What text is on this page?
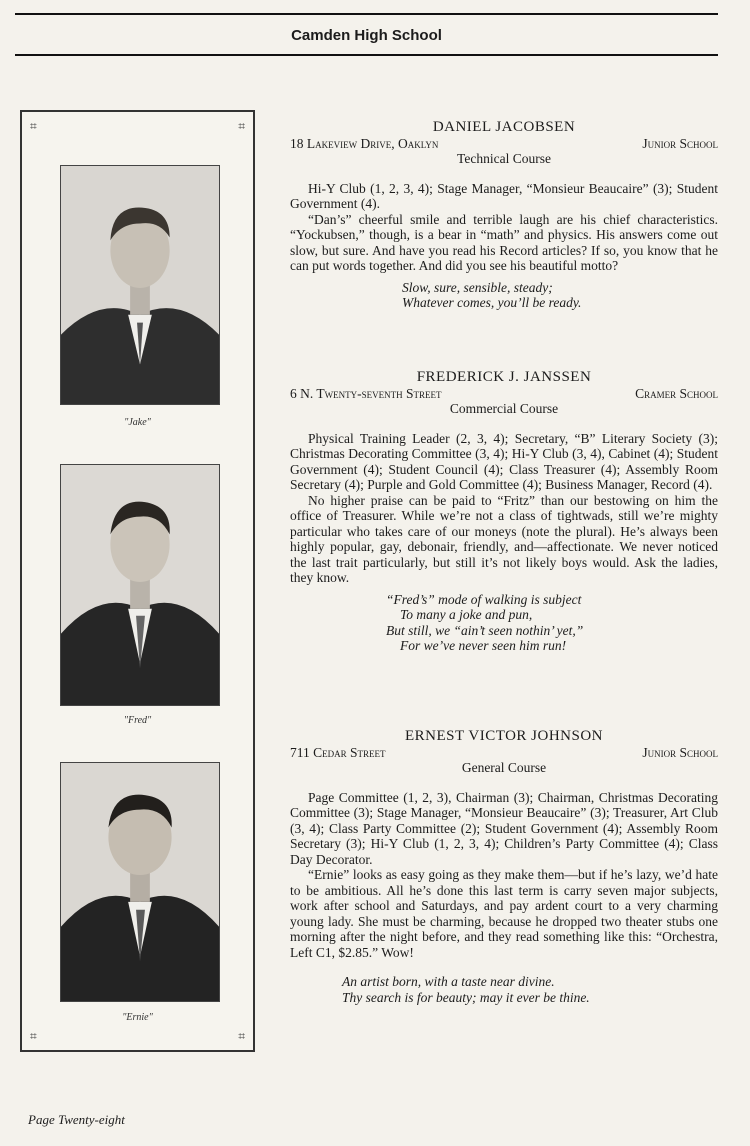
Camden High School
⌗	⌗
⌗	⌗
"Jake"
"Fred"
"Ernie"
DANIEL JACOBSEN
18 Lakeview Drive, Oaklyn	Junior School
Technical Course
Hi-Y Club (1, 2, 3, 4); Stage Manager, “Monsieur Beaucaire” (3); Student Government (4).
“Dan’s” cheerful smile and terrible laugh are his chief characteristics. “Yockubsen,” though, is a bear in “math” and physics. His answers come out slow, but sure. And have you read his Record articles? If so, you know that he can put words together. And did you see his beautiful motto?
Slow, sure, sensible, steady;
Whatever comes, you’ll be ready.
FREDERICK J. JANSSEN
6 N. Twenty-seventh Street	Cramer School
Commercial Course
Physical Training Leader (2, 3, 4); Secretary, “B” Literary Society (3); Christmas Decorating Committee (3, 4); Hi-Y Club (3, 4), Cabinet (4); Student Government (4); Student Council (4); Class Treasurer (4); Assembly Room Secretary (4); Purple and Gold Committee (4); Business Manager, Record (4).
No higher praise can be paid to “Fritz” than our bestowing on him the office of Treasurer. While we’re not a class of tightwads, still we’re mighty particular who takes care of our moneys (note the plural). He’s always been highly popular, gay, debonair, friendly, and—affectionate. We never noticed the last trait particularly, but still it’s not likely boys would. Ask the ladies, they know.
“Fred’s” mode of walking is subject
To many a joke and pun,
But still, we “ain’t seen nothin’ yet,”
For we’ve never seen him run!
ERNEST VICTOR JOHNSON
711 Cedar Street	Junior School
General Course
Page Committee (1, 2, 3), Chairman (3); Chairman, Christmas Decorating Committee (3); Stage Manager, “Monsieur Beaucaire” (3); Treasurer, Art Club (3, 4); Class Party Committee (2); Student Government (4); Assembly Room Secretary (3); Hi-Y Club (1, 2, 3, 4); Children’s Party Committee (4); Class Day Decorator.
“Ernie” looks as easy going as they make them—but if he’s lazy, we’d hate to be ambitious. All he’s done this last term is carry seven major subjects, work after school and Saturdays, and pay ardent court to a very charming young lady. She must be charming, because he dropped two theater stubs one morning after the night before, and they read something like this: “Orchestra, Left C1, $2.85.” Wow!
An artist born, with a taste near divine.
Thy search is for beauty; may it ever be thine.
Page Twenty-eight
